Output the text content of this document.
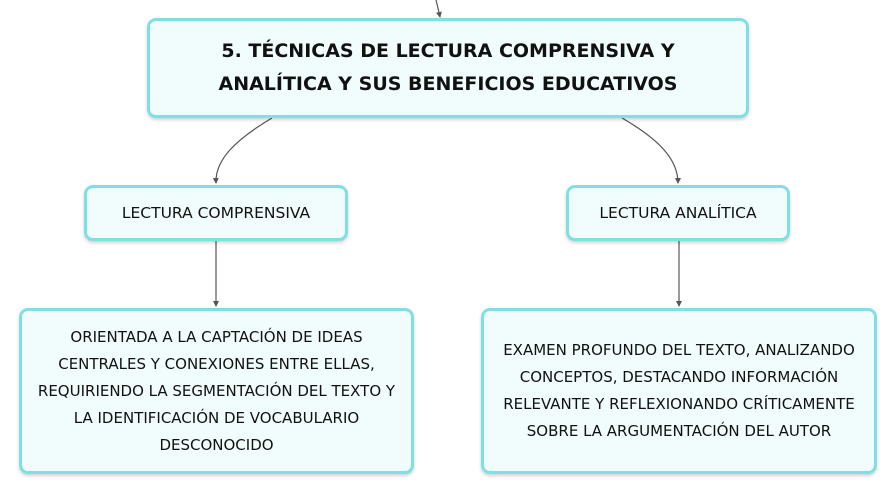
5. TÉCNICAS DE LECTURA COMPRENSIVA Y ANALÍTICA Y SUS BENEFICIOS EDUCATIVOS
LECTURA COMPRENSIVA	LECTURA ANALÍTICA
ORIENTADA A LA CAPTACIÓN DE IDEAS CENTRALES Y CONEXIONES ENTRE ELLAS, REQUIRIENDO LA SEGMENTACIÓN DEL TEXTO Y LA IDENTIFICACIÓN DE VOCABULARIO DESCONOCIDO
EXAMEN PROFUNDO DEL TEXTO, ANALIZANDO CONCEPTOS, DESTACANDO INFORMACIÓN RELEVANTE Y REFLEXIONANDO CRÍTICAMENTE SOBRE LA ARGUMENTACIÓN DEL AUTOR
